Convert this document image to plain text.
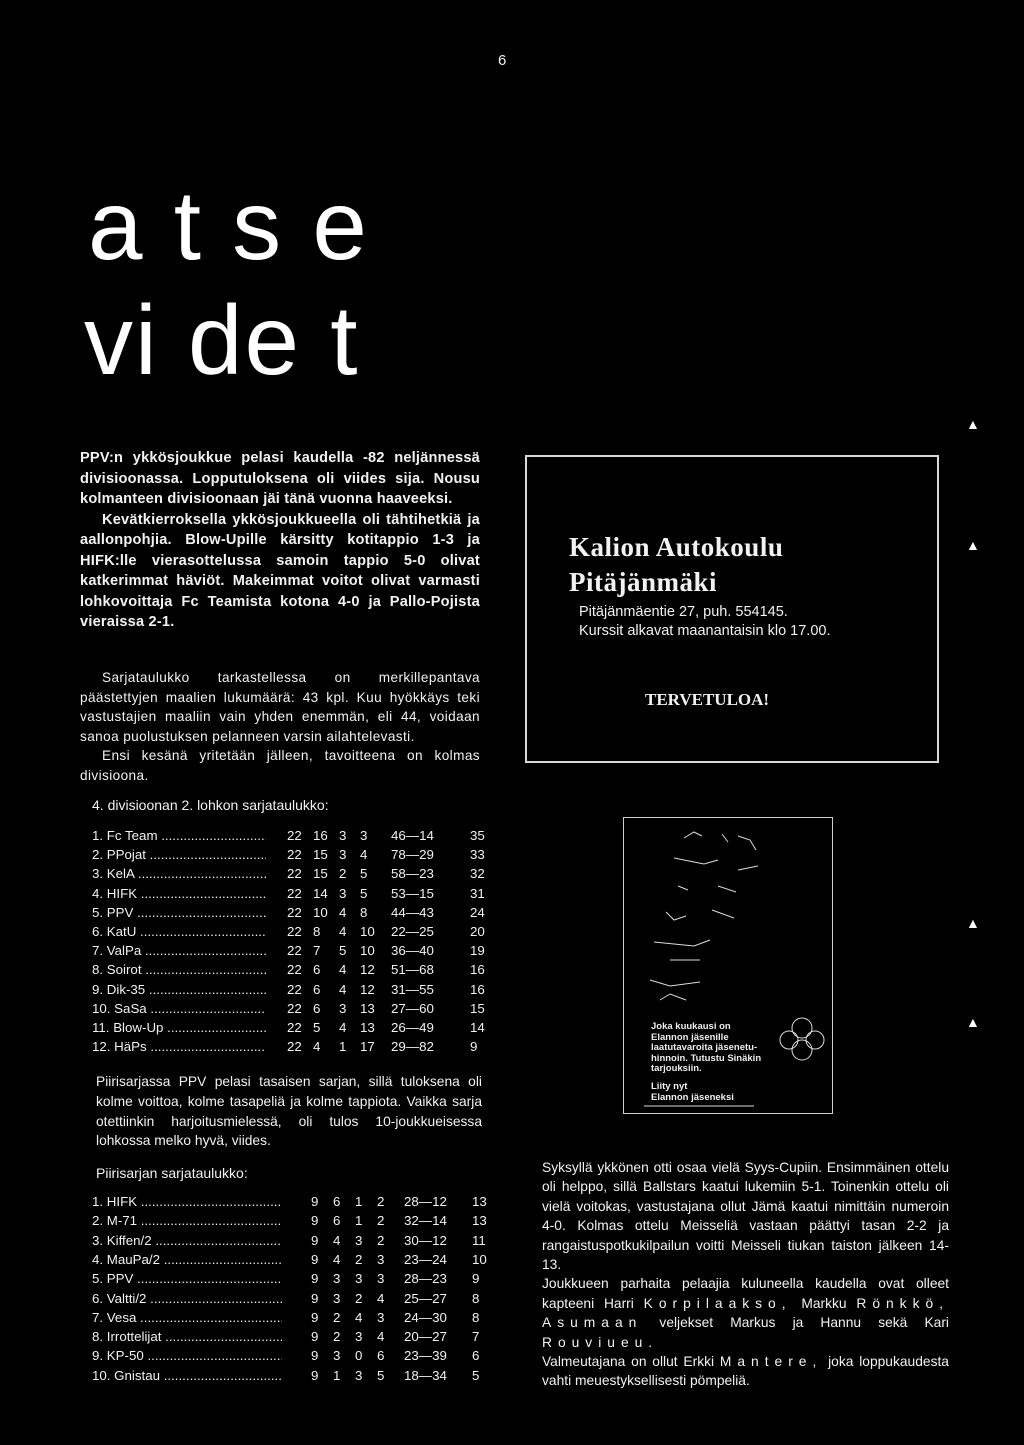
6
a t s e
vi de t
▲
▲
▲
▲

PPV:n ykkösjoukkue pelasi kaudella -82 neljännessä divisioonassa. Lopputuloksena oli viides sija. Nousu kolmanteen divisioonaan jäi tänä vuonna haaveeksi.

Kevätkierroksella ykkösjoukkueella oli tähtihetkiä ja aallonpohjia. Blow-Upille kärsitty kotitappio 1-3 ja HIFK:lle vierasottelussa samoin tappio 5-0 olivat katkerimmat häviöt. Makeimmat voitot olivat varmasti lohkovoittaja Fc Teamista kotona 4-0 ja Pallo-Pojista vieraissa 2-1.

Sarjataulukko tarkastellessa on merkillepantava päästettyjen maalien lukumäärä: 43 kpl. Kuu hyökkäys teki vastustajien maaliin vain yhden enemmän, eli 44, voidaan sanoa puolustuksen pelanneen varsin ailahtelevasti.

Ensi kesänä yritetään jälleen, tavoitteena on kolmas divisioona.

Kalion Autokoulu
Pitäjänmäki
Pitäjänmäentie 27, puh. 554145.
Kurssit alkavat maanantaisin klo 17.00.
TERVETULOA!
4. divisioonan 2. lohkon sarjataulukko:
1. Fc Team .....	22 16 3 3 46—14	35
2. PPojat .....	22 15 3 4 78—29	33
3. KelA .....	22 15 2 5 58—23	32
4. HIFK .....	22 14 3 5 53—15	31
5. PPV .....	22 10 4 8 44—43	24
6. KatU .....	22 8 4 10 22—25	20
7. ValPa .....	22 7 5 10 36—40	19
8. Soirot .....	22 6 4 12 51—68	16
9. Dik-35 .....	22 6 4 12 31—55	16
10. SaSa .....	22 6 3 13 27—60	15
11. Blow-Up .....	22 5 4 13 26—49	14
12. HäPs .....	22 4 1 17 29—82	9
Piirisarjassa PPV pelasi tasaisen sarjan, sillä tuloksena oli kolme voittoa, kolme tasapeliä ja kolme tappiota. Vaikka sarja otettiinkin harjoitusmielessä, oli tulos 10-joukkueisessa lohkossa melko hyvä, viides.
Piirisarjan sarjataulukko:
1. HIFK .....	9 6 1 2 28—12 13
2. M-71 .....	9 6 1 2 32—14 13
3. Kiffen/2 .....	9 4 3 2 30—12 11
4. MauPa/2 .....	9 4 2 3 23—24 10
5. PPV .....	9 3 3 3 28—23 9
6. Valtti/2 .....	9 3 2 4 25—27 8
7. Vesa .....	9 2 4 3 24—30 8
8. Irrottelijat .....	9 2 3 4 20—27 7
9. KP-50 .....	9 3 0 6 23—39 6
10. Gnistau .....	9 1 3 5 18—34 5
Joka kuukausi on
Elannon jäsenille
laatutavaroita jäsenetu-
hinnoin. Tutustu Sinäkin
tarjouksiin.
Liity nyt
Elannon jäseneksi

Syksyllä ykkönen otti osaa vielä Syys-Cupiin. Ensimmäinen ottelu oli helppo, sillä Ballstars kaatui lukemiin 5-1. Toinenkin ottelu oli vielä voitokas, vastustajana ollut Jämä kaatui nimittäin numeroin 4-0. Kolmas ottelu Meisseliä vastaan päättyi tasan 2-2 ja rangaistuspotkukilpailun voitti Meisseli tiukan taiston jälkeen 14-13.

Joukkueen parhaita pelaajia kuluneella kaudella ovat olleet kapteeni Harri Korpilaakso, Markku Rönkkö, Asumaan veljekset Markus ja Hannu sekä Kari Rouviueu.

Valmeutajana on ollut Erkki Mantere, joka loppukaudesta vahti meuestyksellisesti pömpeliä.
